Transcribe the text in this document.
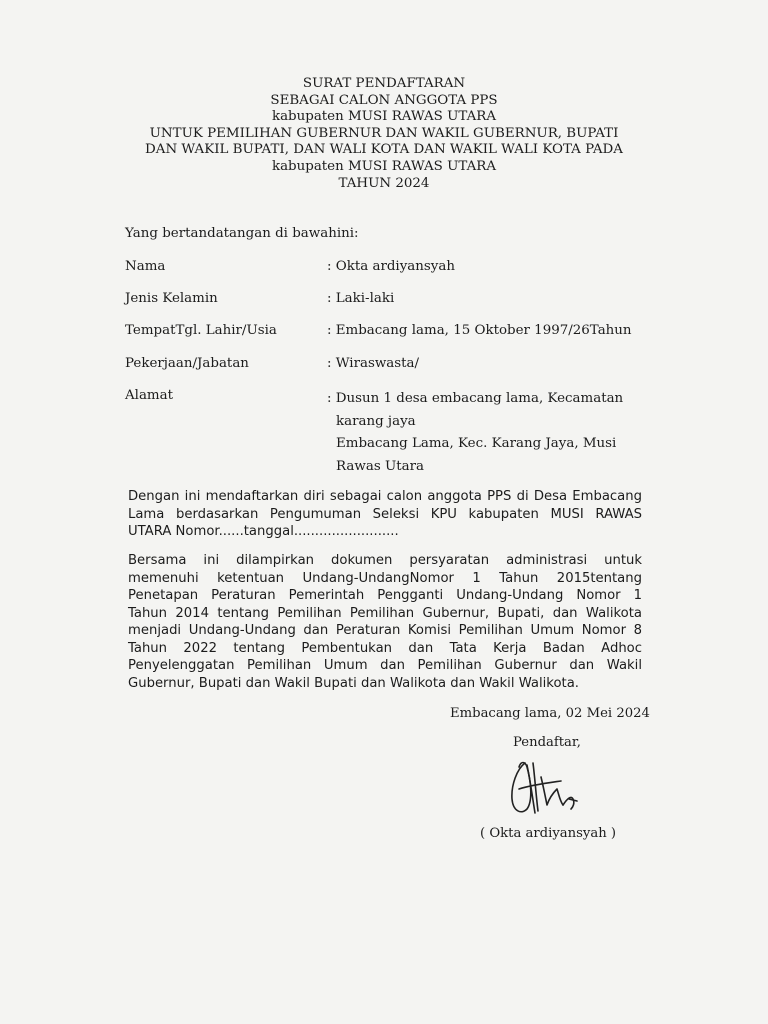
SURAT PENDAFTARAN
SEBAGAI CALON ANGGOTA PPS
kabupaten MUSI RAWAS UTARA
UNTUK PEMILIHAN GUBERNUR DAN WAKIL GUBERNUR, BUPATI
DAN WAKIL BUPATI, DAN WALI KOTA DAN WAKIL WALI KOTA PADA
kabupaten MUSI RAWAS UTARA
TAHUN 2024
Yang bertandatangan di bawahini:
Nama	: Okta ardiyansyah
Jenis Kelamin	: Laki-laki
TempatTgl. Lahir/Usia	: Embacang lama, 15 Oktober 1997/26Tahun
Pekerjaan/Jabatan	: Wiraswasta/
Alamat	: Dusun 1 desa embacang lama, Kecamatan
karang jaya
Embacang Lama, Kec. Karang Jaya, Musi
Rawas Utara
Dengan ini mendaftarkan diri sebagai calon anggota PPS di Desa Embacang
Lama berdasarkan Pengumuman Seleksi KPU kabupaten MUSI RAWAS
UTARA Nomor......tanggal.........................
Bersama ini dilampirkan dokumen persyaratan administrasi untuk
memenuhi ketentuan Undang-UndangNomor 1 Tahun 2015tentang
Penetapan Peraturan Pemerintah Pengganti Undang-Undang Nomor 1
Tahun 2014 tentang Pemilihan Pemilihan Gubernur, Bupati, dan Walikota
menjadi Undang-Undang dan Peraturan Komisi Pemilihan Umum Nomor 8
Tahun 2022 tentang Pembentukan dan Tata Kerja Badan Adhoc
Penyelenggatan Pemilihan Umum dan Pemilihan Gubernur dan Wakil
Gubernur, Bupati dan Wakil Bupati dan Walikota dan Wakil Walikota.
Embacang lama, 02 Mei 2024
Pendaftar,
( Okta ardiyansyah )
